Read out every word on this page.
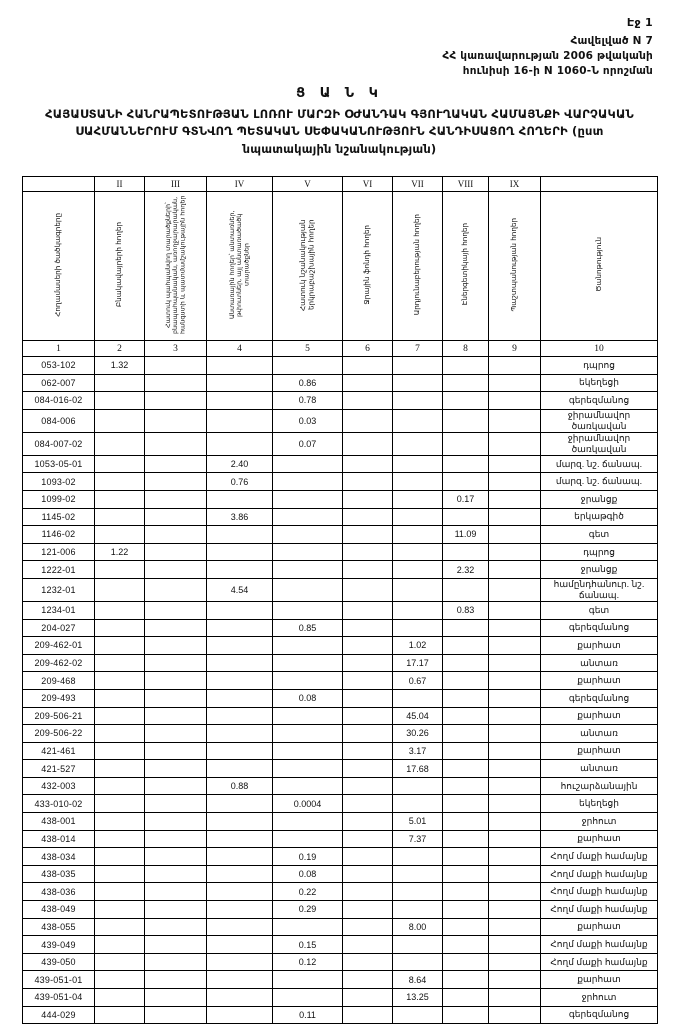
Էջ 1
Հավելված N 7
ՀՀ կառավարության 2006 թվականի
հունիսի 16-ի N 1060-Ն որոշման
Ց Ա Ն Կ
ՀԱՅԱՍՏԱՆԻ ՀԱՆՐԱՊԵՏՈՒԹՅԱՆ ԼՈՌՈՒ ՄԱՐԶԻ ՕԺԱՆԴԱԿ ԳՅՈՒՂԱԿԱՆ ՀԱՄԱՅՆՔԻ ՎԱՐՉԱԿԱՆ
ՍԱՀՄԱՆՆԵՐՈՒՄ ԳՏՆՎՈՂ ՊԵՏԱԿԱՆ ՍԵՓԱԿԱՆՈՒԹՅՈՒՆ ՀԱՆԴԻՍԱՑՈՂ ՀՈՂԵՐԻ (ըստ
նպատակային նշանակության)
	II	III	IV	V	VI	VII	VIII	IX	
Հողամասերի ծածկագրերը	Բնակավայրերի հողեր	Հատուկ պահպանվող տարածքների՝ բնապահպանական, առողջարարական, հանգստի և պատմամշակութային հողեր	Անտառային հողեր՝ անտառներ, թփուտներ, այլ անտառածածկ տարածքներ	Հատուկ նշանակության երկրաբաշխային հողեր	Ջրային ֆոնդի հողեր	Արդյունաբերության հողեր	Էներգետիկայի հողեր	Պաշտպանության հողեր	Ծանոթություն
1	2	3	4	5	6	7	8	9	10
053-102	1.32								դպրոց
062-007				0.86					եկեղեցի
084-016-02				0.78					գերեզմանոց
084-006				0.03					ջիրամնավոր ծառկավան
084-007-02				0.07					ջիրամնավոր ծառկավան
1053-05-01			2.40						մարզ. նշ. ճանապ.
1093-02			0.76						մարզ. նշ. ճանապ.
1099-02							0.17		ջրանցք
1145-02			3.86						երկաթգիծ
1146-02							11.09		գետ
121-006	1.22								դպրոց
1222-01							2.32		ջրանցք
1232-01			4.54						համընդհանուր. նշ. ճանապ.
1234-01							0.83		գետ
204-027				0.85					գերեզմանոց
209-462-01						1.02			քարհատ
209-462-02						17.17			անտառ
209-468						0.67			քարհատ
209-493				0.08					գերեզմանոց
209-506-21						45.04			քարհատ
209-506-22						30.26			անտառ
421-461						3.17			քարհատ
421-527						17.68			անտառ
432-003			0.88						հուշարձանային
433-010-02				0.0004					եկեղեցի
438-001						5.01			ջրհուտ
438-014						7.37			քարհատ
438-034				0.19					Հողմ մաքի համայնք
438-035				0.08					Հողմ մաքի համայնք
438-036				0.22					Հողմ մաքի համայնք
438-049				0.29					Հողմ մաքի համայնք
438-055						8.00			քարհատ
439-049				0.15					Հողմ մաքի համայնք
439-050				0.12					Հողմ մաքի համայնք
439-051-01						8.64			քարհատ
439-051-04						13.25			ջրհուտ
444-029				0.11					գերեզմանոց
